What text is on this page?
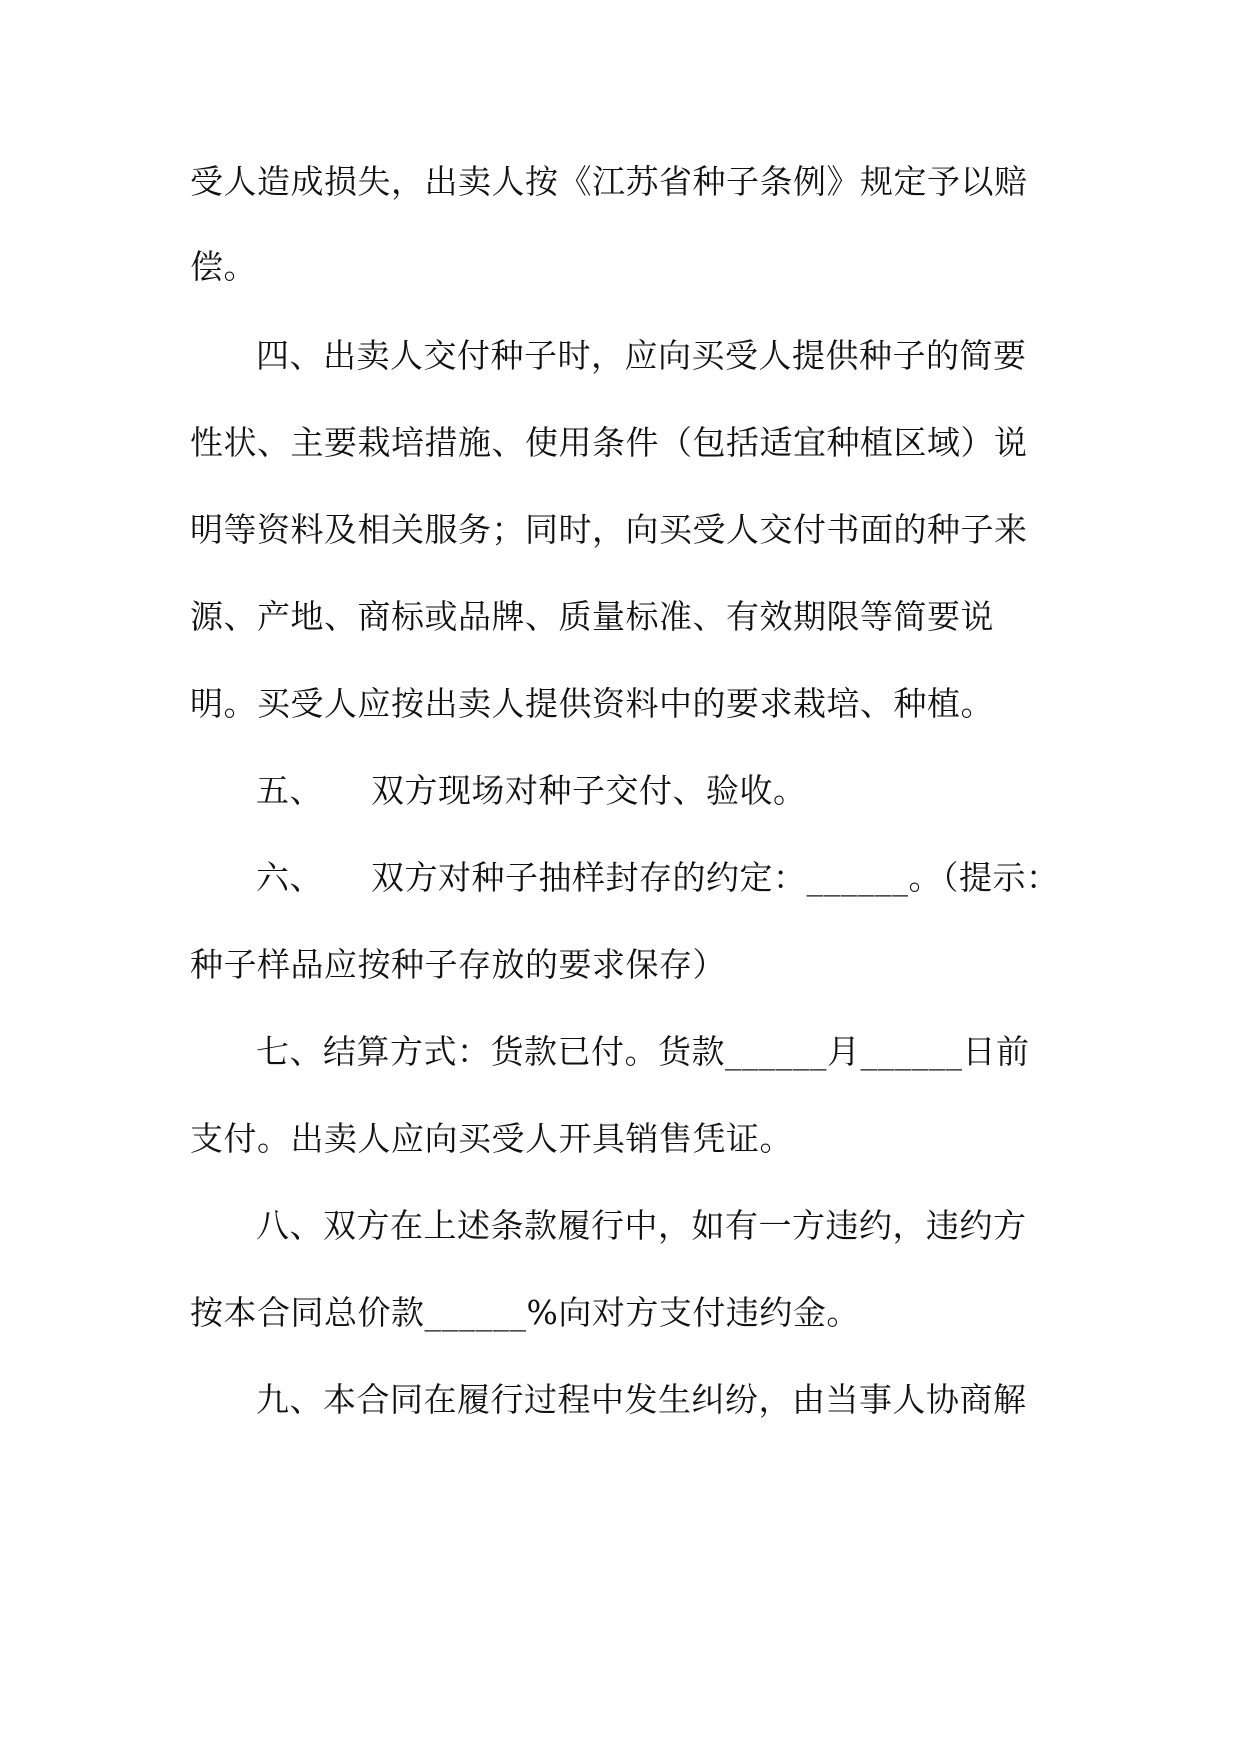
受人造成损失，出卖人按《江苏省种子条例》规定予以赔
偿。
四、出卖人交付种子时，应向买受人提供种子的简要
性状、主要栽培措施、使用条件（包括适宜种植区域）说
明等资料及相关服务；同时，向买受人交付书面的种子来
源、产地、商标或品牌、质量标准、有效期限等简要说
明。买受人应按出卖人提供资料中的要求栽培、种植。
五、 双方现场对种子交付、验收。
六、 双方对种子抽样封存的约定：______。（提示：
种子样品应按种子存放的要求保存）
七、结算方式：货款已付。货款______月______日前
支付。出卖人应向买受人开具销售凭证。
八、双方在上述条款履行中，如有一方违约，违约方
按本合同总价款______%向对方支付违约金。
九、本合同在履行过程中发生纠纷，由当事人协商解
